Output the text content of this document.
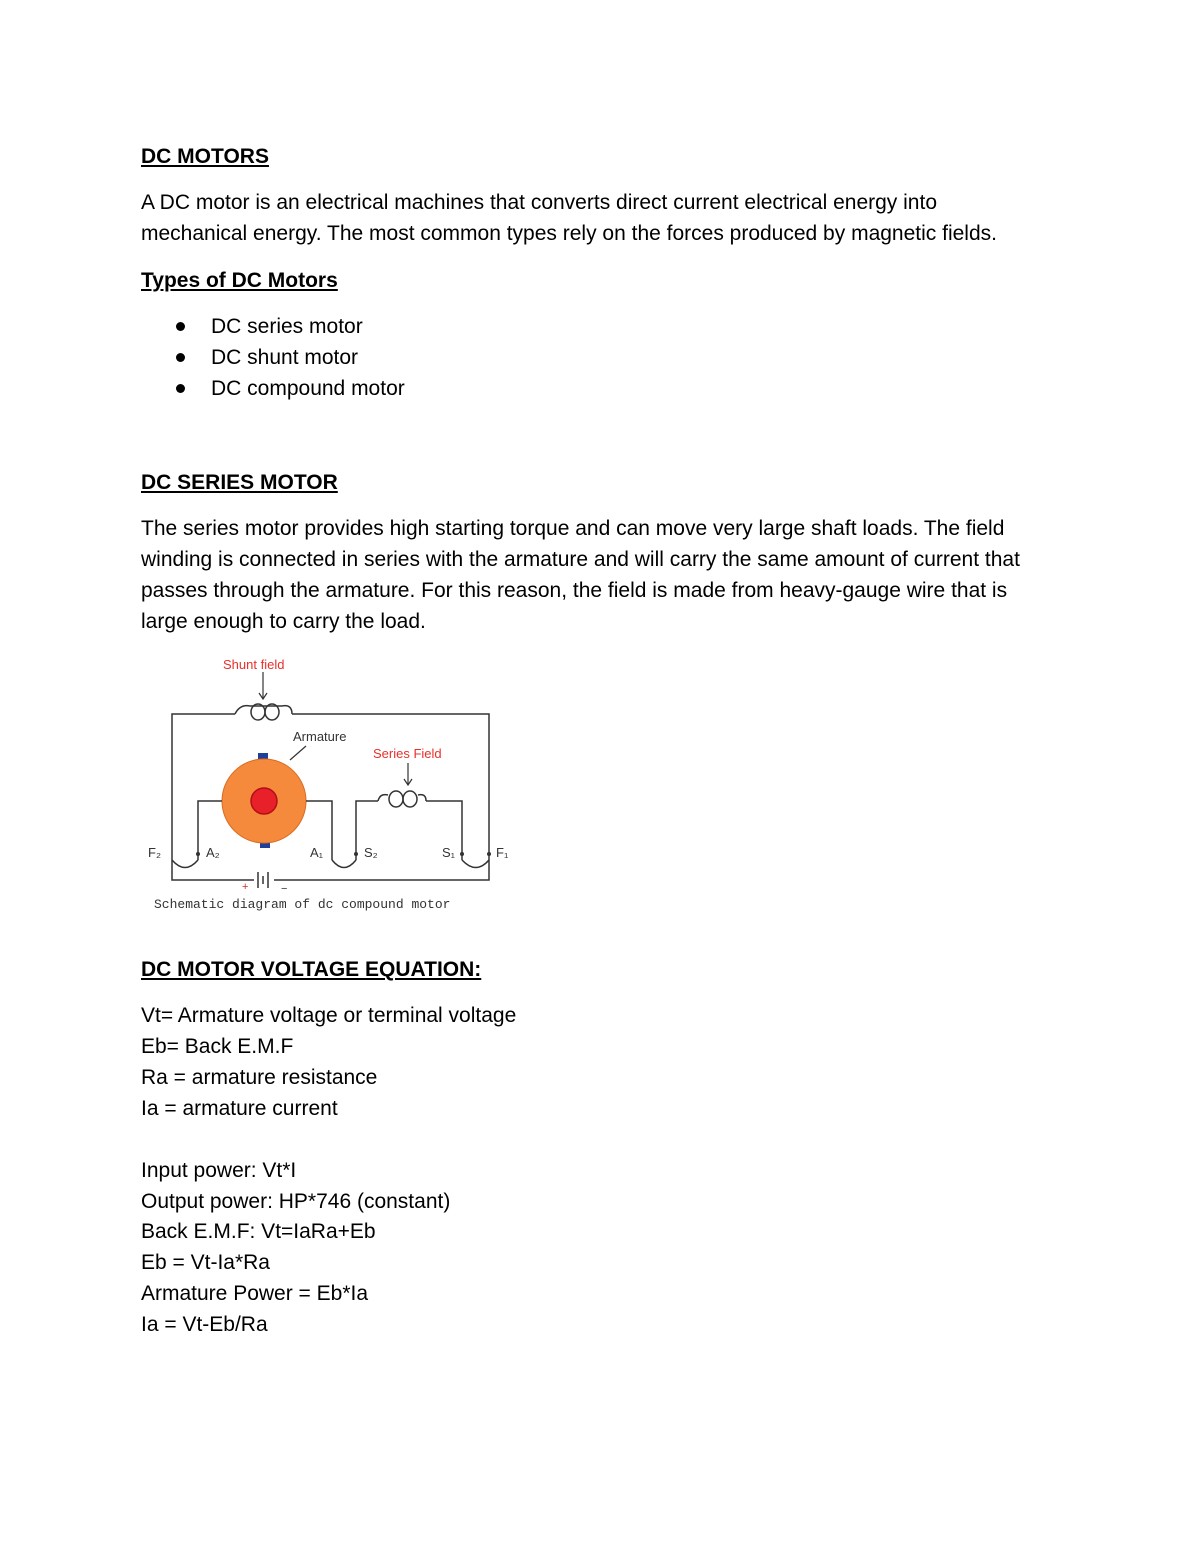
DC MOTORS
A DC motor is an electrical machines that converts direct current electrical energy into
mechanical energy. The most common types rely on the forces produced by magnetic fields.
Types of DC Motors
DC series motor
DC shunt motor
DC compound motor
DC SERIES MOTOR
The series motor provides high starting torque and can move very large shaft loads. The field
winding is connected in series with the armature and will carry the same amount of current that
passes through the armature. For this reason, the field is made from heavy-gauge wire that is
large enough to carry the load.
Shunt field
Armature
Series Field
F₂	A₂	A₁	S₂	S₁	F₁
+	−
Schematic diagram of dc compound motor
DC MOTOR VOLTAGE EQUATION:
Vt= Armature voltage or terminal voltage
Eb= Back E.M.F
Ra = armature resistance
Ia = armature current
Input power: Vt*I
Output power: HP*746 (constant)
Back E.M.F: Vt=IaRa+Eb
Eb = Vt-Ia*Ra
Armature Power = Eb*Ia
Ia = Vt-Eb/Ra
